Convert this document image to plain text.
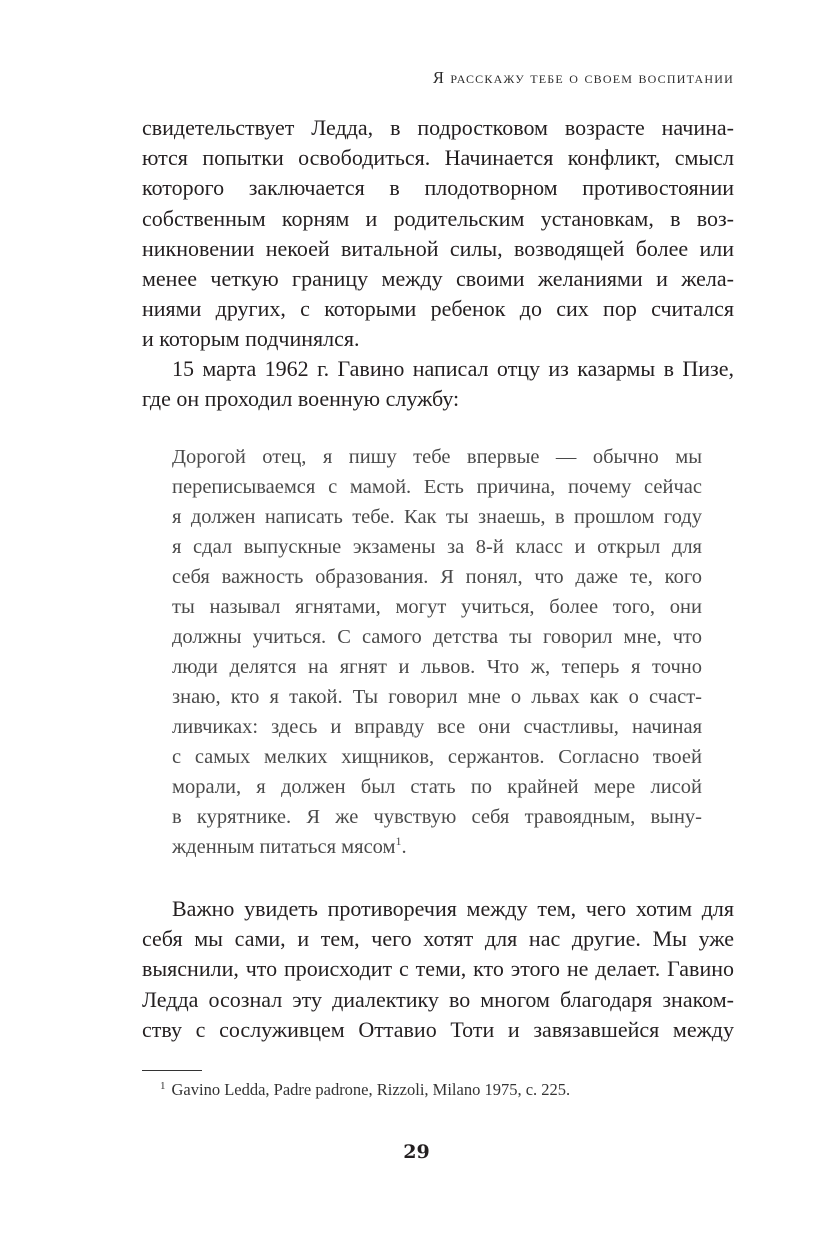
Я расскажу тебе о своем воспитании

свидетельствует Ледда, в подростковом возрасте начина-
ются попытки освободиться. Начинается конфликт, смысл
которого заключается в плодотворном противостоянии
собственным корням и родительским установкам, в воз-
никновении некоей витальной силы, возводящей более или
менее четкую границу между своими желаниями и жела-
ниями других, с которыми ребенок до сих пор считался
и которым подчинялся.

15 марта 1962 г. Гавино написал отцу из казармы в Пизе,
где он проходил военную службу:

Дорогой отец, я пишу тебе впервые — обычно мы
переписываемся с мамой. Есть причина, почему сейчас
я должен написать тебе. Как ты знаешь, в прошлом году
я сдал выпускные экзамены за 8-й класс и открыл для
себя важность образования. Я понял, что даже те, кого
ты называл ягнятами, могут учиться, более того, они
должны учиться. С самого детства ты говорил мне, что
люди делятся на ягнят и львов. Что ж, теперь я точно
знаю, кто я такой. Ты говорил мне о львах как о счаст-
ливчиках: здесь и вправду все они счастливы, начиная
с самых мелких хищников, сержантов. Согласно твоей
морали, я должен был стать по крайней мере лисой
в курятнике. Я же чувствую себя травоядным, выну-
жденным питаться мясом$^1$.

Важно увидеть противоречия между тем, чего хотим для
себя мы сами, и тем, чего хотят для нас другие. Мы уже
выяснили, что происходит с теми, кто этого не делает. Гавино
Ледда осознал эту диалектику во многом благодаря знаком-
ству с сослуживцем Оттавио Тоти и завязавшейся между

$^1$ Gavino Ledda, Padre padrone, Rizzoli, Milano 1975, c. 225.
29
